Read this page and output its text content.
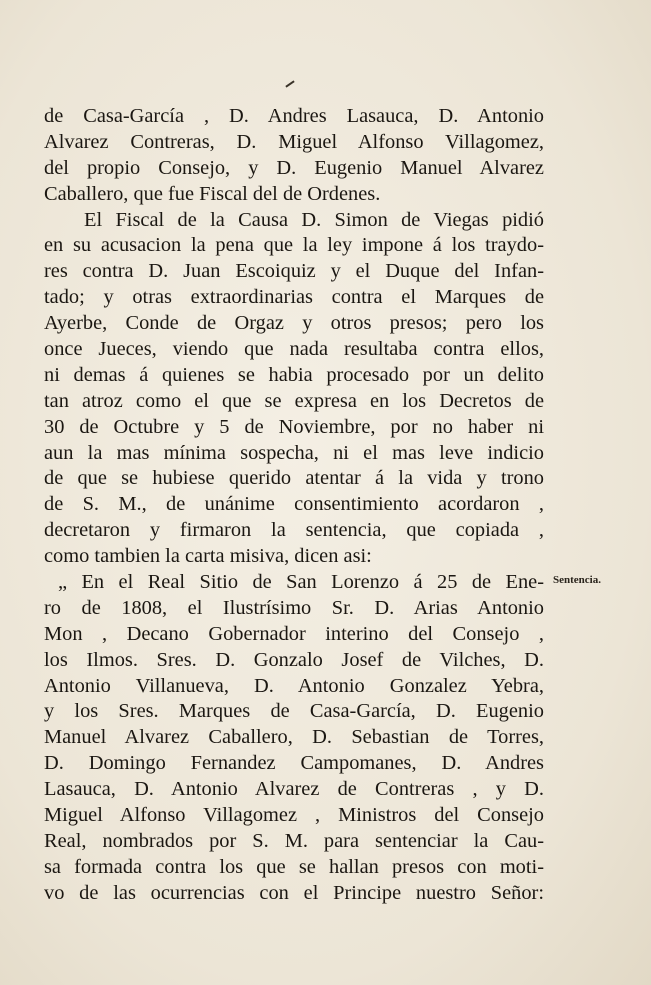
de Casa-García , D. Andres Lasauca, D. Antonio
Alvarez Contreras, D. Miguel Alfonso Villagomez,
del propio Consejo, y D. Eugenio Manuel Alvarez
Caballero, que fue Fiscal del de Ordenes.
El Fiscal de la Causa D. Simon de Viegas pidió
en su acusacion la pena que la ley impone á los traydo-
res contra D. Juan Escoiquiz y el Duque del Infan-
tado; y otras extraordinarias contra el Marques de
Ayerbe, Conde de Orgaz y otros presos; pero los
once Jueces, viendo que nada resultaba contra ellos,
ni demas á quienes se habia procesado por un delito
tan atroz como el que se expresa en los Decretos de
30 de Octubre y 5 de Noviembre, por no haber ni
aun la mas mínima sospecha, ni el mas leve indicio
de que se hubiese querido atentar á la vida y trono
de S. M., de unánime consentimiento acordaron ,
decretaron y firmaron la sentencia, que copiada ,
como tambien la carta misiva, dicen asi:
„ En el Real Sitio de San Lorenzo á 25 de Ene-
ro de 1808, el Ilustrísimo Sr. D. Arias Antonio
Mon , Decano Gobernador interino del Consejo ,
los Ilmos. Sres. D. Gonzalo Josef de Vilches, D.
Antonio Villanueva, D. Antonio Gonzalez Yebra,
y los Sres. Marques de Casa-García, D. Eugenio
Manuel Alvarez Caballero, D. Sebastian de Torres,
D. Domingo Fernandez Campomanes, D. Andres
Lasauca, D. Antonio Alvarez de Contreras , y D.
Miguel Alfonso Villagomez , Ministros del Consejo
Real, nombrados por S. M. para sentenciar la Cau-
sa formada contra los que se hallan presos con moti-
vo de las ocurrencias con el Principe nuestro Señor:
Sentencia.
